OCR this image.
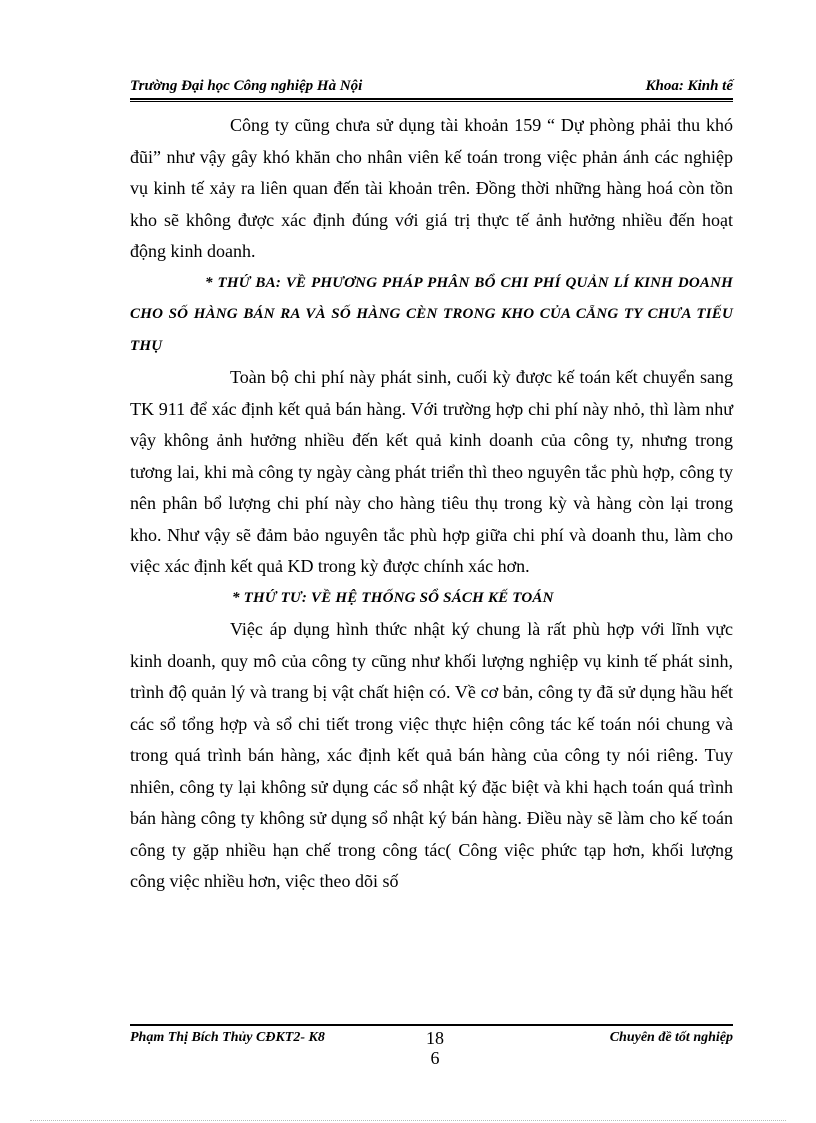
Trường Đại học Công nghiệp Hà Nội	Khoa: Kinh tế

Công ty cũng chưa sử dụng tài khoản 159 “ Dự phòng phải thu khó đũi” như vậy gây khó khăn cho nhân viên kế toán trong việc phản ánh các nghiệp vụ kinh tế xảy ra liên quan đến tài khoản trên. Đồng thời những hàng hoá còn tồn kho sẽ không được xác định đúng với giá trị thực tế ảnh hưởng nhiều đến hoạt động kinh doanh.

* THỨ BA: VỀ PHƯƠNG PHÁP PHÂN BỔ CHI PHÍ QUẢN LÍ KINH DOANH CHO SỐ HÀNG BÁN RA VÀ SỐ HÀNG CÈN TRONG KHO CỦA CẴNG TY CHƯA TIẾU THỤ

Toàn bộ chi phí này phát sinh, cuối kỳ được kế toán kết chuyển sang TK 911 để xác định kết quả bán hàng. Với trường hợp chi phí này nhỏ, thì làm như vậy không ảnh hưởng nhiều đến kết quả kinh doanh của công ty, nhưng trong tương lai, khi mà công ty ngày càng phát triển thì theo nguyên tắc phù hợp, công ty nên phân bổ lượng chi phí này cho hàng tiêu thụ trong kỳ và hàng còn lại trong kho. Như vậy sẽ đảm bảo nguyên tắc phù hợp giữa chi phí và doanh thu, làm cho việc xác định kết quả KD trong kỳ được chính xác hơn.

* THỨ TƯ: VỀ HỆ THỐNG SỔ SÁCH KẾ TOÁN

Việc áp dụng hình thức nhật ký chung là rất phù hợp với lĩnh vực kinh doanh, quy mô của công ty cũng như khối lượng nghiệp vụ kinh tế phát sinh, trình độ quản lý và trang bị vật chất hiện có. Về cơ bản, công ty đã sử dụng hầu hết các sổ tổng hợp và sổ chi tiết trong việc thực hiện công tác kế toán nói chung và trong quá trình bán hàng, xác định kết quả bán hàng của công ty nói riêng. Tuy nhiên, công ty lại không sử dụng các sổ nhật ký đặc biệt và khi hạch toán quá trình bán hàng công ty không sử dụng sổ nhật ký bán hàng. Điều này sẽ làm cho kế toán công ty gặp nhiều hạn chế trong công tác( Công việc phức tạp hơn, khối lượng công việc nhiều hơn, việc theo dõi số

Phạm Thị Bích Thủy CĐKT2- K8	18
6
Chuyên đề tốt nghiệp
